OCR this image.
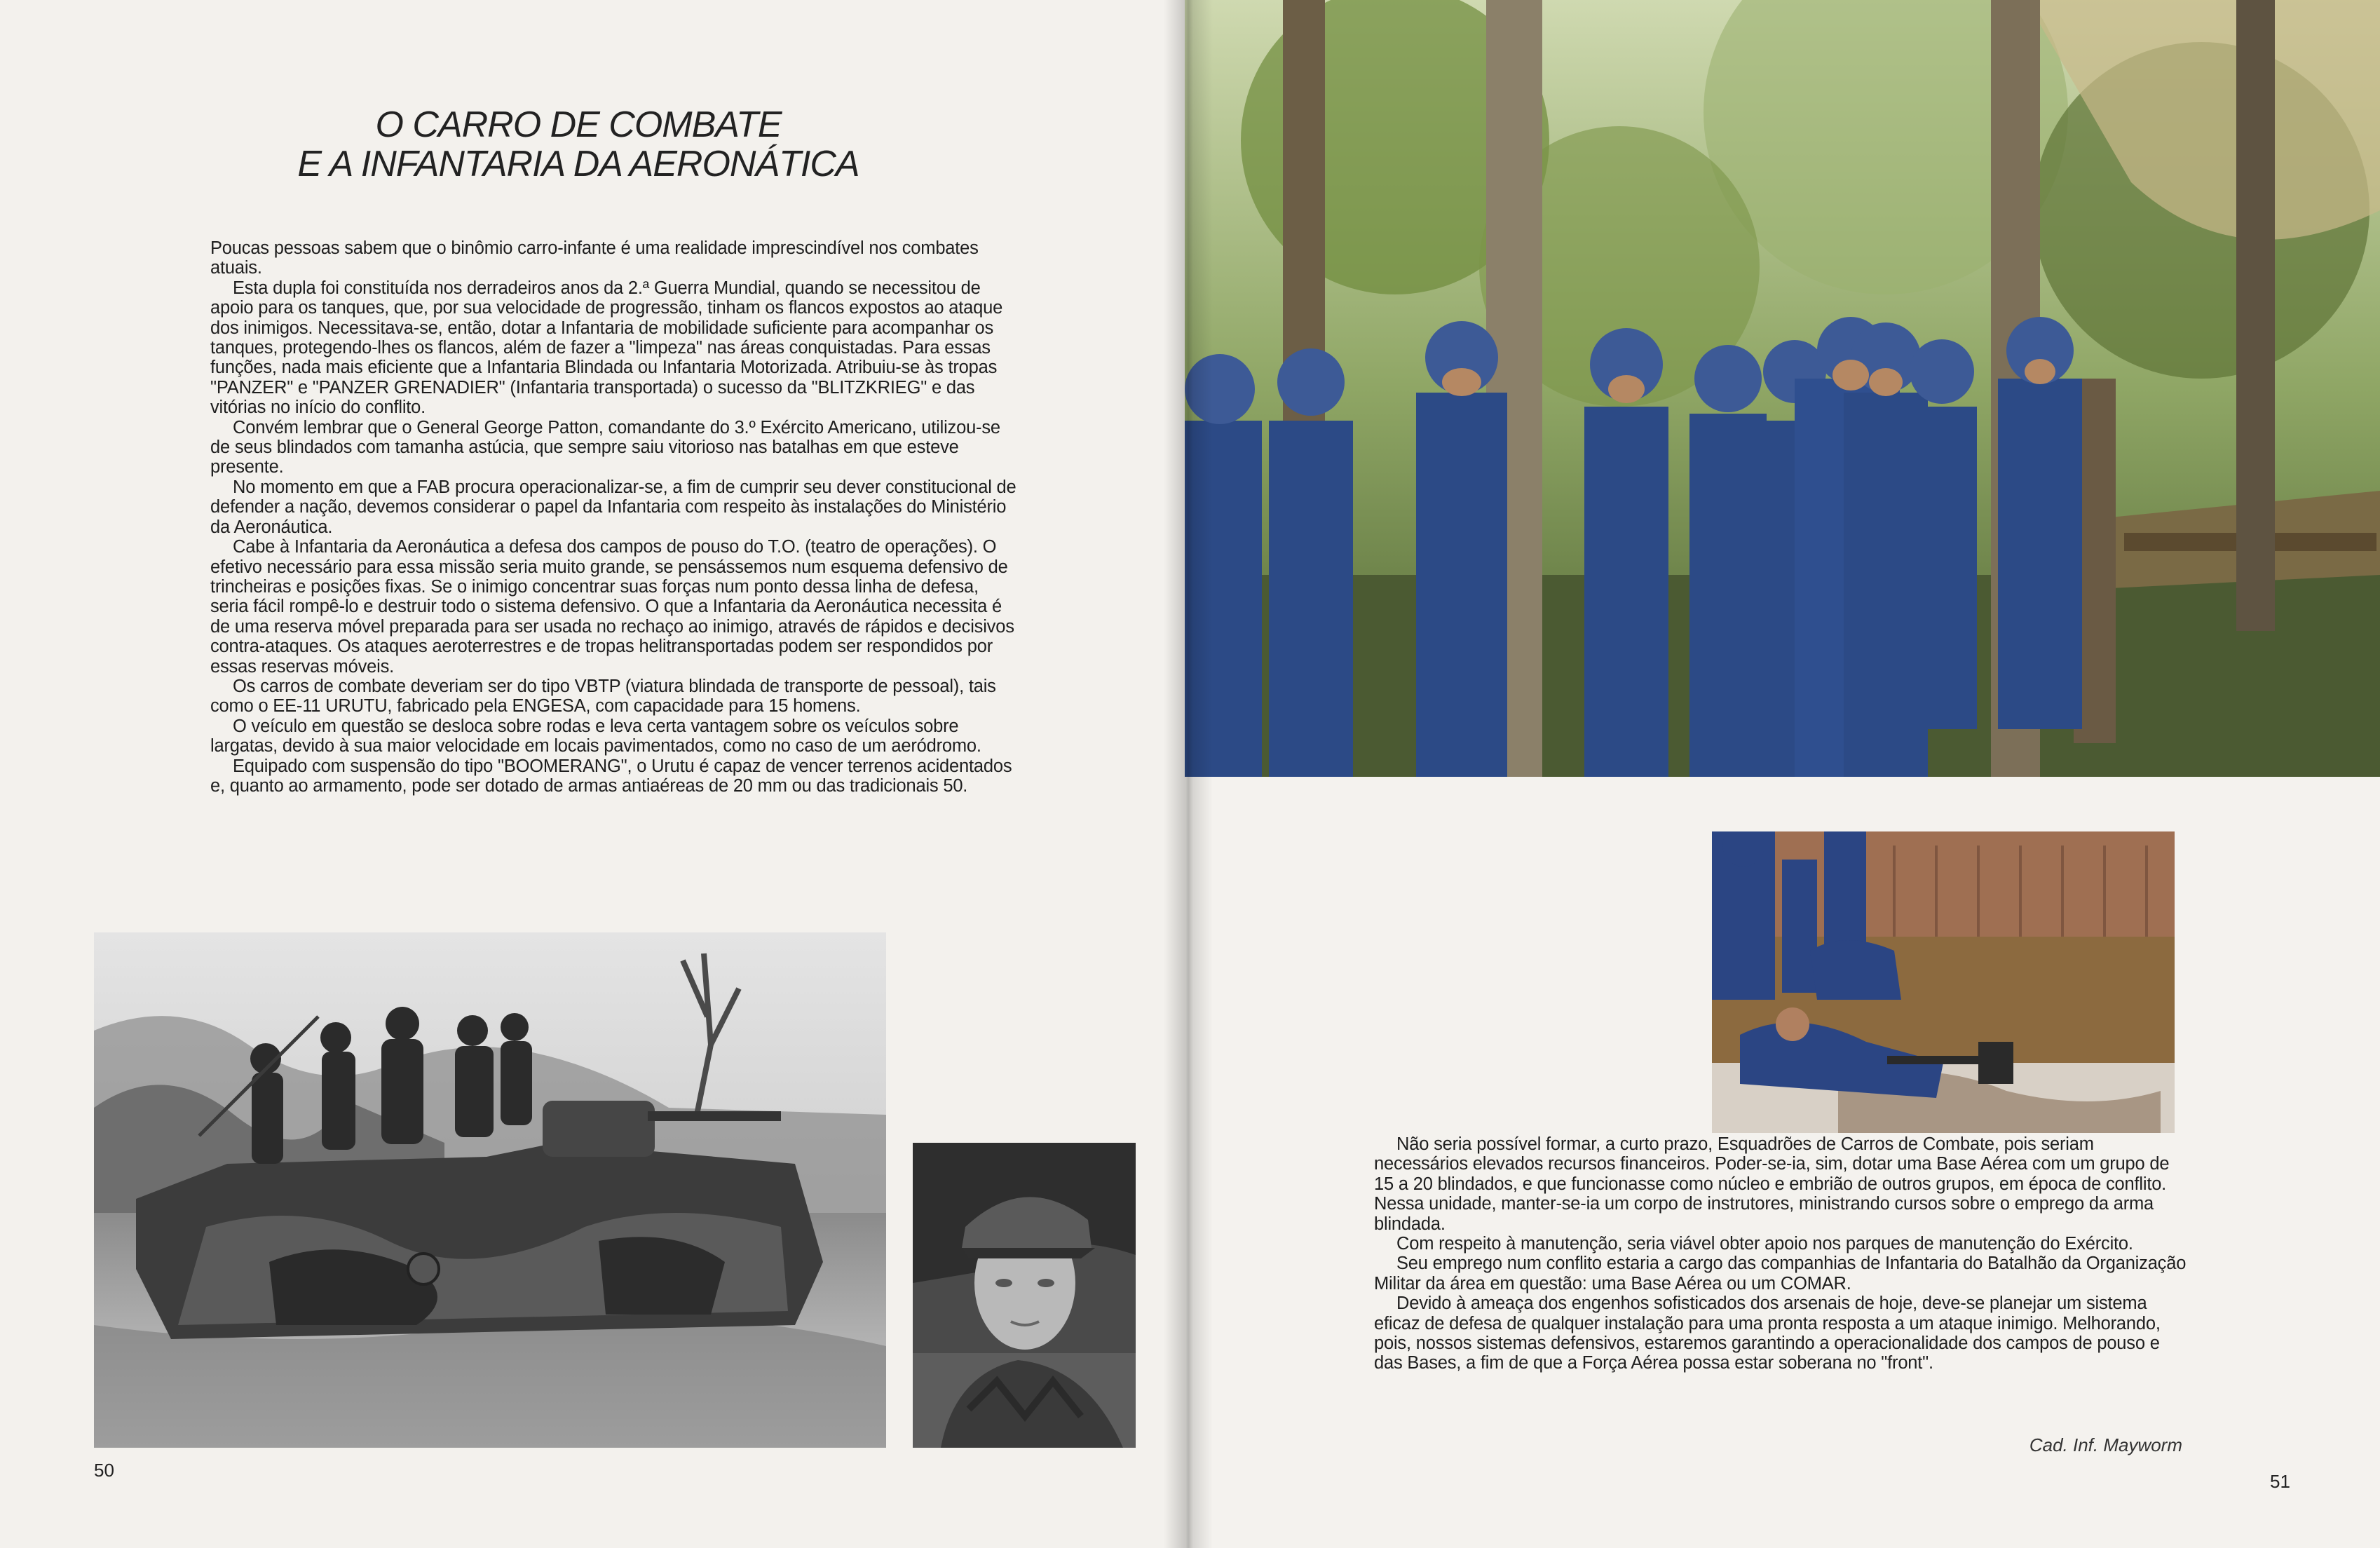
O CARRO DE COMBATE
E A INFANTARIA DA AERONÁTICA

Poucas pessoas sabem que o binômio carro-infante é uma realidade imprescindível nos combates atuais.

Esta dupla foi constituída nos derradeiros anos da 2.ª Guerra Mundial, quando se necessitou de apoio para os tanques, que, por sua velocidade de progressão, tinham os flancos expostos ao ataque dos inimigos. Necessitava-se, então, dotar a Infantaria de mobilidade suficiente para acompanhar os tanques, protegendo-lhes os flancos, além de fazer a "limpeza" nas áreas conquistadas. Para essas funções, nada mais eficiente que a Infantaria Blindada ou Infantaria Motorizada. Atribuiu-se às tropas "PANZER" e "PANZER GRENADIER" (Infantaria transportada) o sucesso da "BLITZKRIEG" e das vitórias no início do conflito.

Convém lembrar que o General George Patton, comandante do 3.º Exército Americano, utilizou-se de seus blindados com tamanha astúcia, que sempre saiu vitorioso nas batalhas em que esteve presente.

No momento em que a FAB procura operacionalizar-se, a fim de cumprir seu dever constitucional de defender a nação, devemos considerar o papel da Infantaria com respeito às instalações do Ministério da Aeronáutica.

Cabe à Infantaria da Aeronáutica a defesa dos campos de pouso do T.O. (teatro de operações). O efetivo necessário para essa missão seria muito grande, se pensássemos num esquema defensivo de trincheiras e posições fixas. Se o inimigo concentrar suas forças num ponto dessa linha de defesa, seria fácil rompê-lo e destruir todo o sistema defensivo. O que a Infantaria da Aeronáutica necessita é de uma reserva móvel preparada para ser usada no rechaço ao inimigo, através de rápidos e decisivos contra-ataques. Os ataques aeroterrestres e de tropas helitransportadas podem ser respondidos por essas reservas móveis.

Os carros de combate deveriam ser do tipo VBTP (viatura blindada de transporte de pessoal), tais como o EE-11 URUTU, fabricado pela ENGESA, com capacidade para 15 homens.

O veículo em questão se desloca sobre rodas e leva certa vantagem sobre os veículos sobre largatas, devido à sua maior velocidade em locais pavimentados, como no caso de um aeródromo.

Equipado com suspensão do tipo "BOOMERANG", o Urutu é capaz de vencer terrenos acidentados e, quanto ao armamento, pode ser dotado de armas antiaéreas de 20 mm ou das tradicionais 50.

50

Não seria possível formar, a curto prazo, Esquadrões de Carros de Combate, pois seriam necessários elevados recursos financeiros. Poder-se-ia, sim, dotar uma Base Aérea com um grupo de 15 a 20 blindados, e que funcionasse como núcleo e embrião de outros grupos, em época de conflito. Nessa unidade, manter-se-ia um corpo de instrutores, ministrando cursos sobre o emprego da arma blindada.

Com respeito à manutenção, seria viável obter apoio nos parques de manutenção do Exército.

Seu emprego num conflito estaria a cargo das companhias de Infantaria do Batalhão da Organização Militar da área em questão: uma Base Aérea ou um COMAR.

Devido à ameaça dos engenhos sofisticados dos arsenais de hoje, deve-se planejar um sistema eficaz de defesa de qualquer instalação para uma pronta resposta a um ataque inimigo. Melhorando, pois, nossos sistemas defensivos, estaremos garantindo a operacionalidade dos campos de pouso e das Bases, a fim de que a Força Aérea possa estar soberana no "front".

Cad. Inf. Mayworm
51
